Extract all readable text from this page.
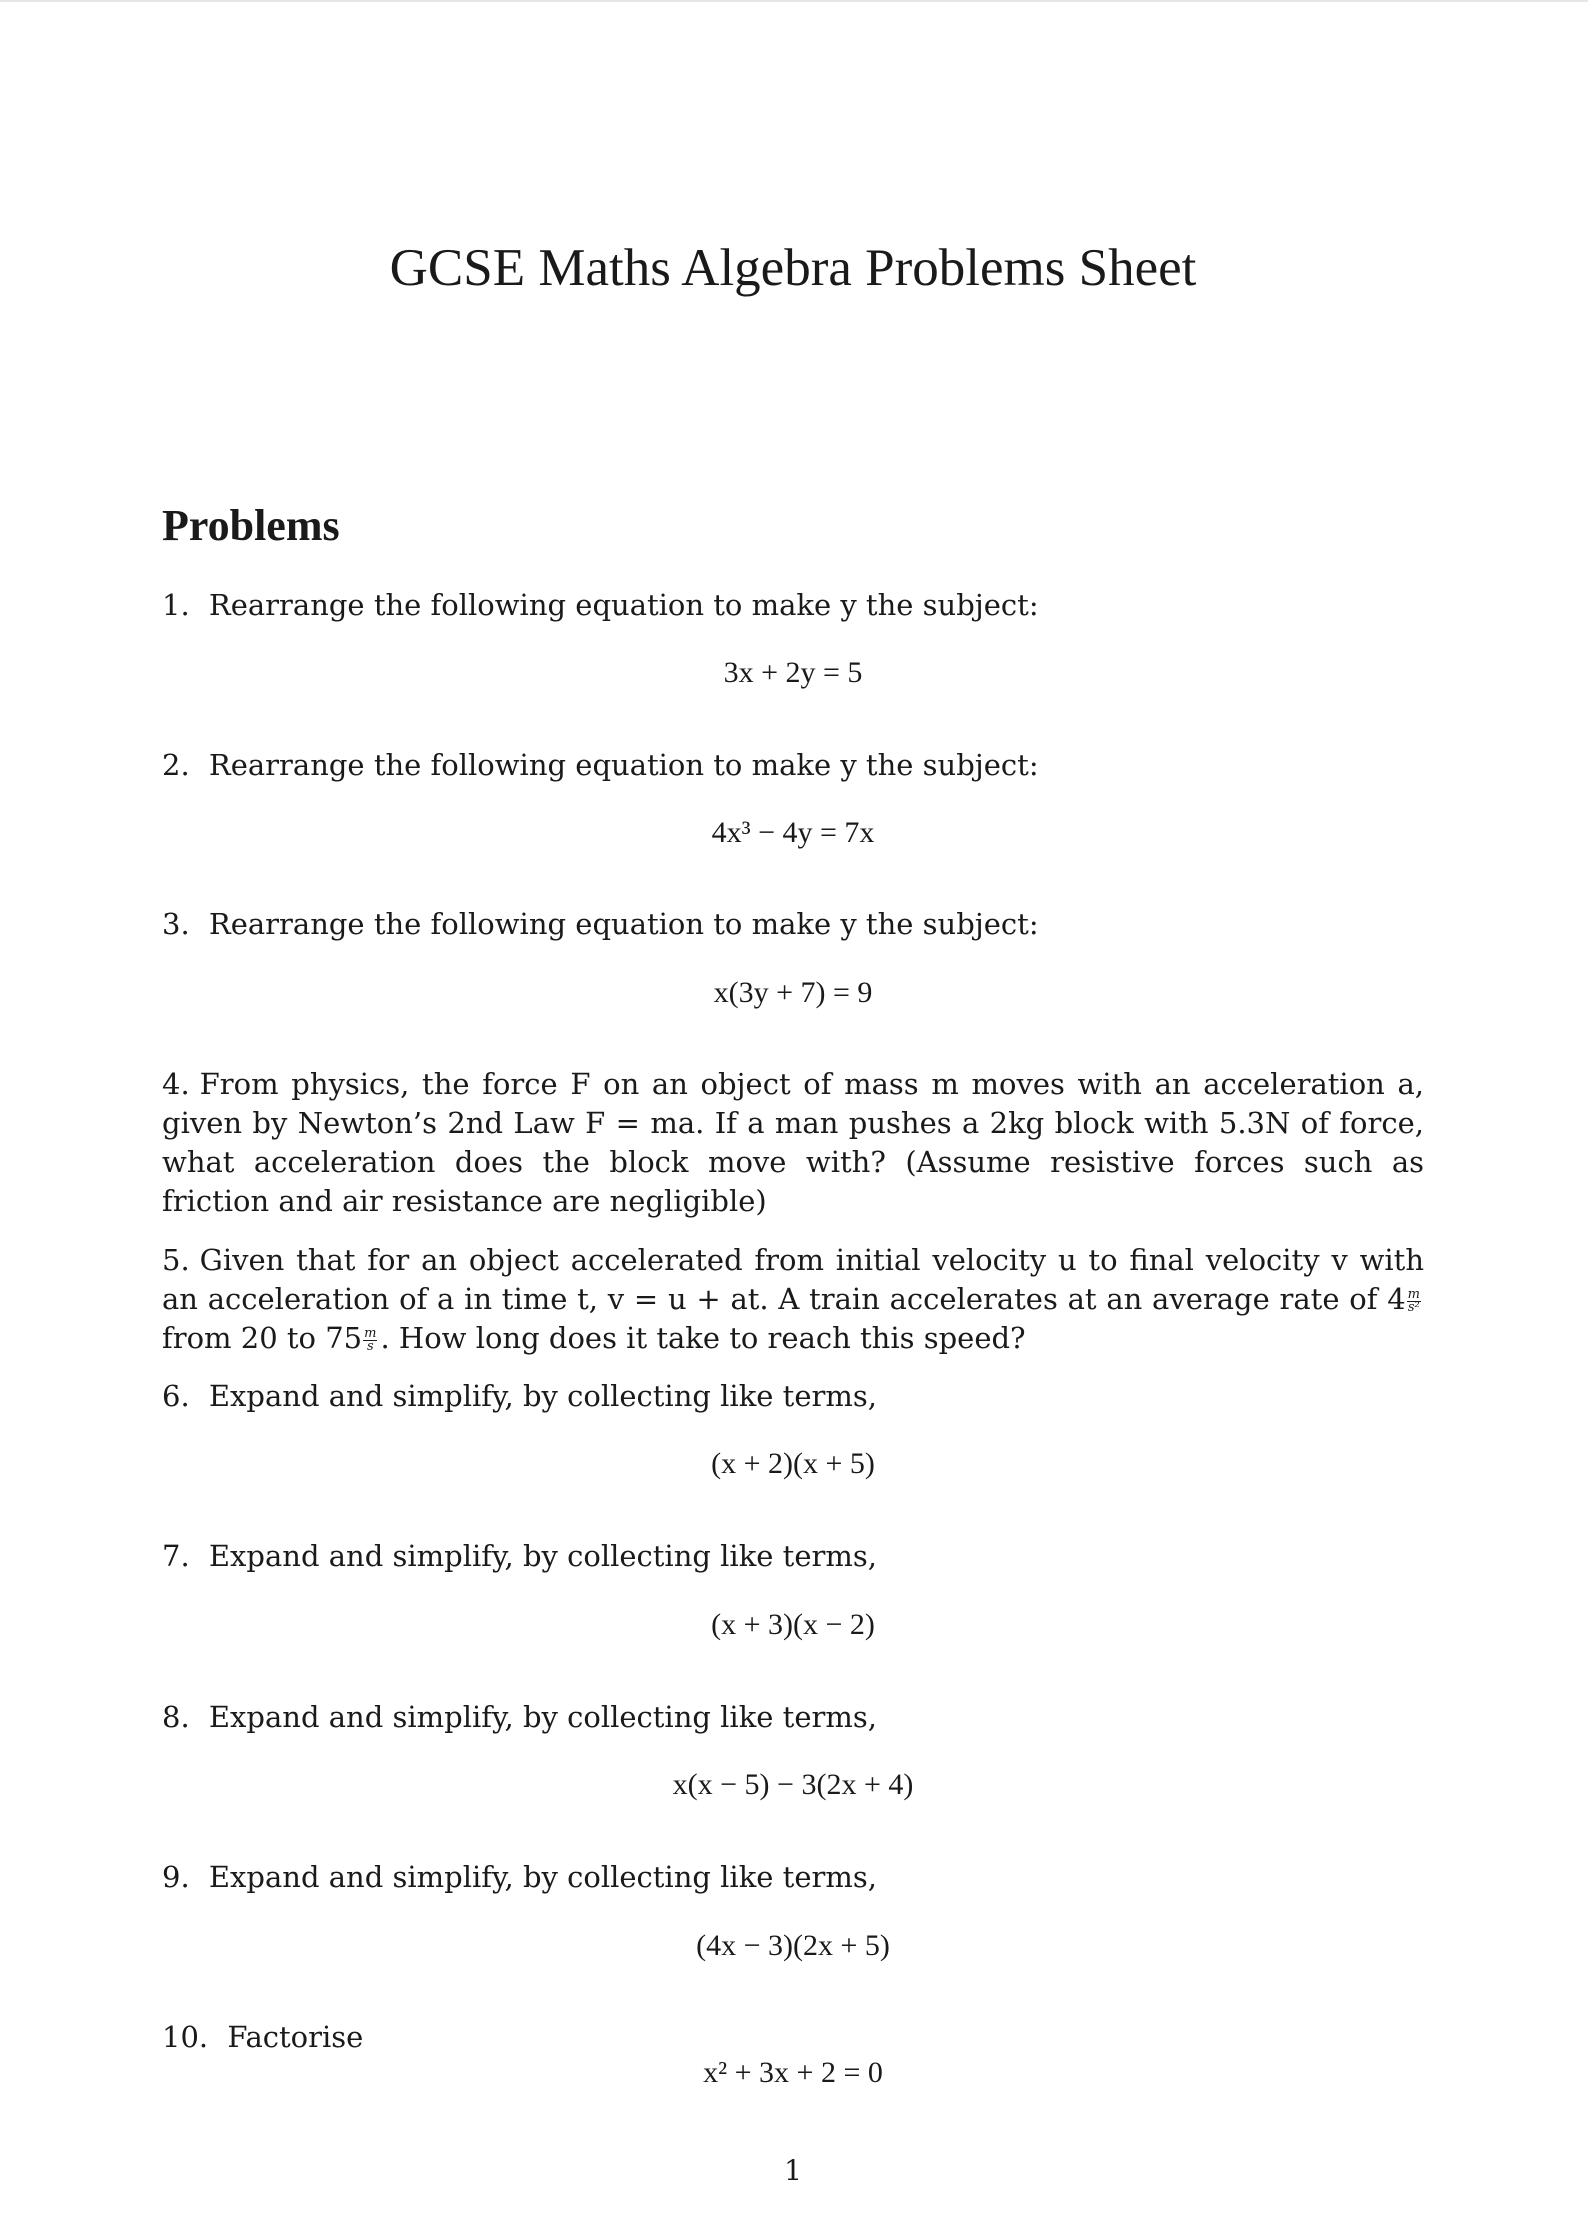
GCSE Maths Algebra Problems Sheet
Problems
1. Rearrange the following equation to make y the subject:
3x + 2y = 5
2. Rearrange the following equation to make y the subject:
4x³ − 4y = 7x
3. Rearrange the following equation to make y the subject:
x(3y + 7) = 9
4. From physics, the force F on an object of mass m moves with an acceleration a, given by Newton’s 2nd Law F = ma. If a man pushes a 2kg block with 5.3N of force, what acceleration does the block move with? (Assume resistive forces such as friction and air resistance are negligible)
5. Given that for an object accelerated from initial velocity u to final velocity v with an acceleration of a in time t, v = u + at. A train accelerates at an average rate of $4 \frac{m}{\text{s²}}$
from 20 to $75 \frac{m}{s}$ . How long does it take to reach this speed?
6. Expand and simplify, by collecting like terms,
(x + 2)(x + 5)
7. Expand and simplify, by collecting like terms,
(x + 3)(x − 2)
8. Expand and simplify, by collecting like terms,
x(x − 5) − 3(2x + 4)
9. Expand and simplify, by collecting like terms,
(4x − 3)(2x + 5)
10. Factorise
x² + 3x + 2 = 0
1
